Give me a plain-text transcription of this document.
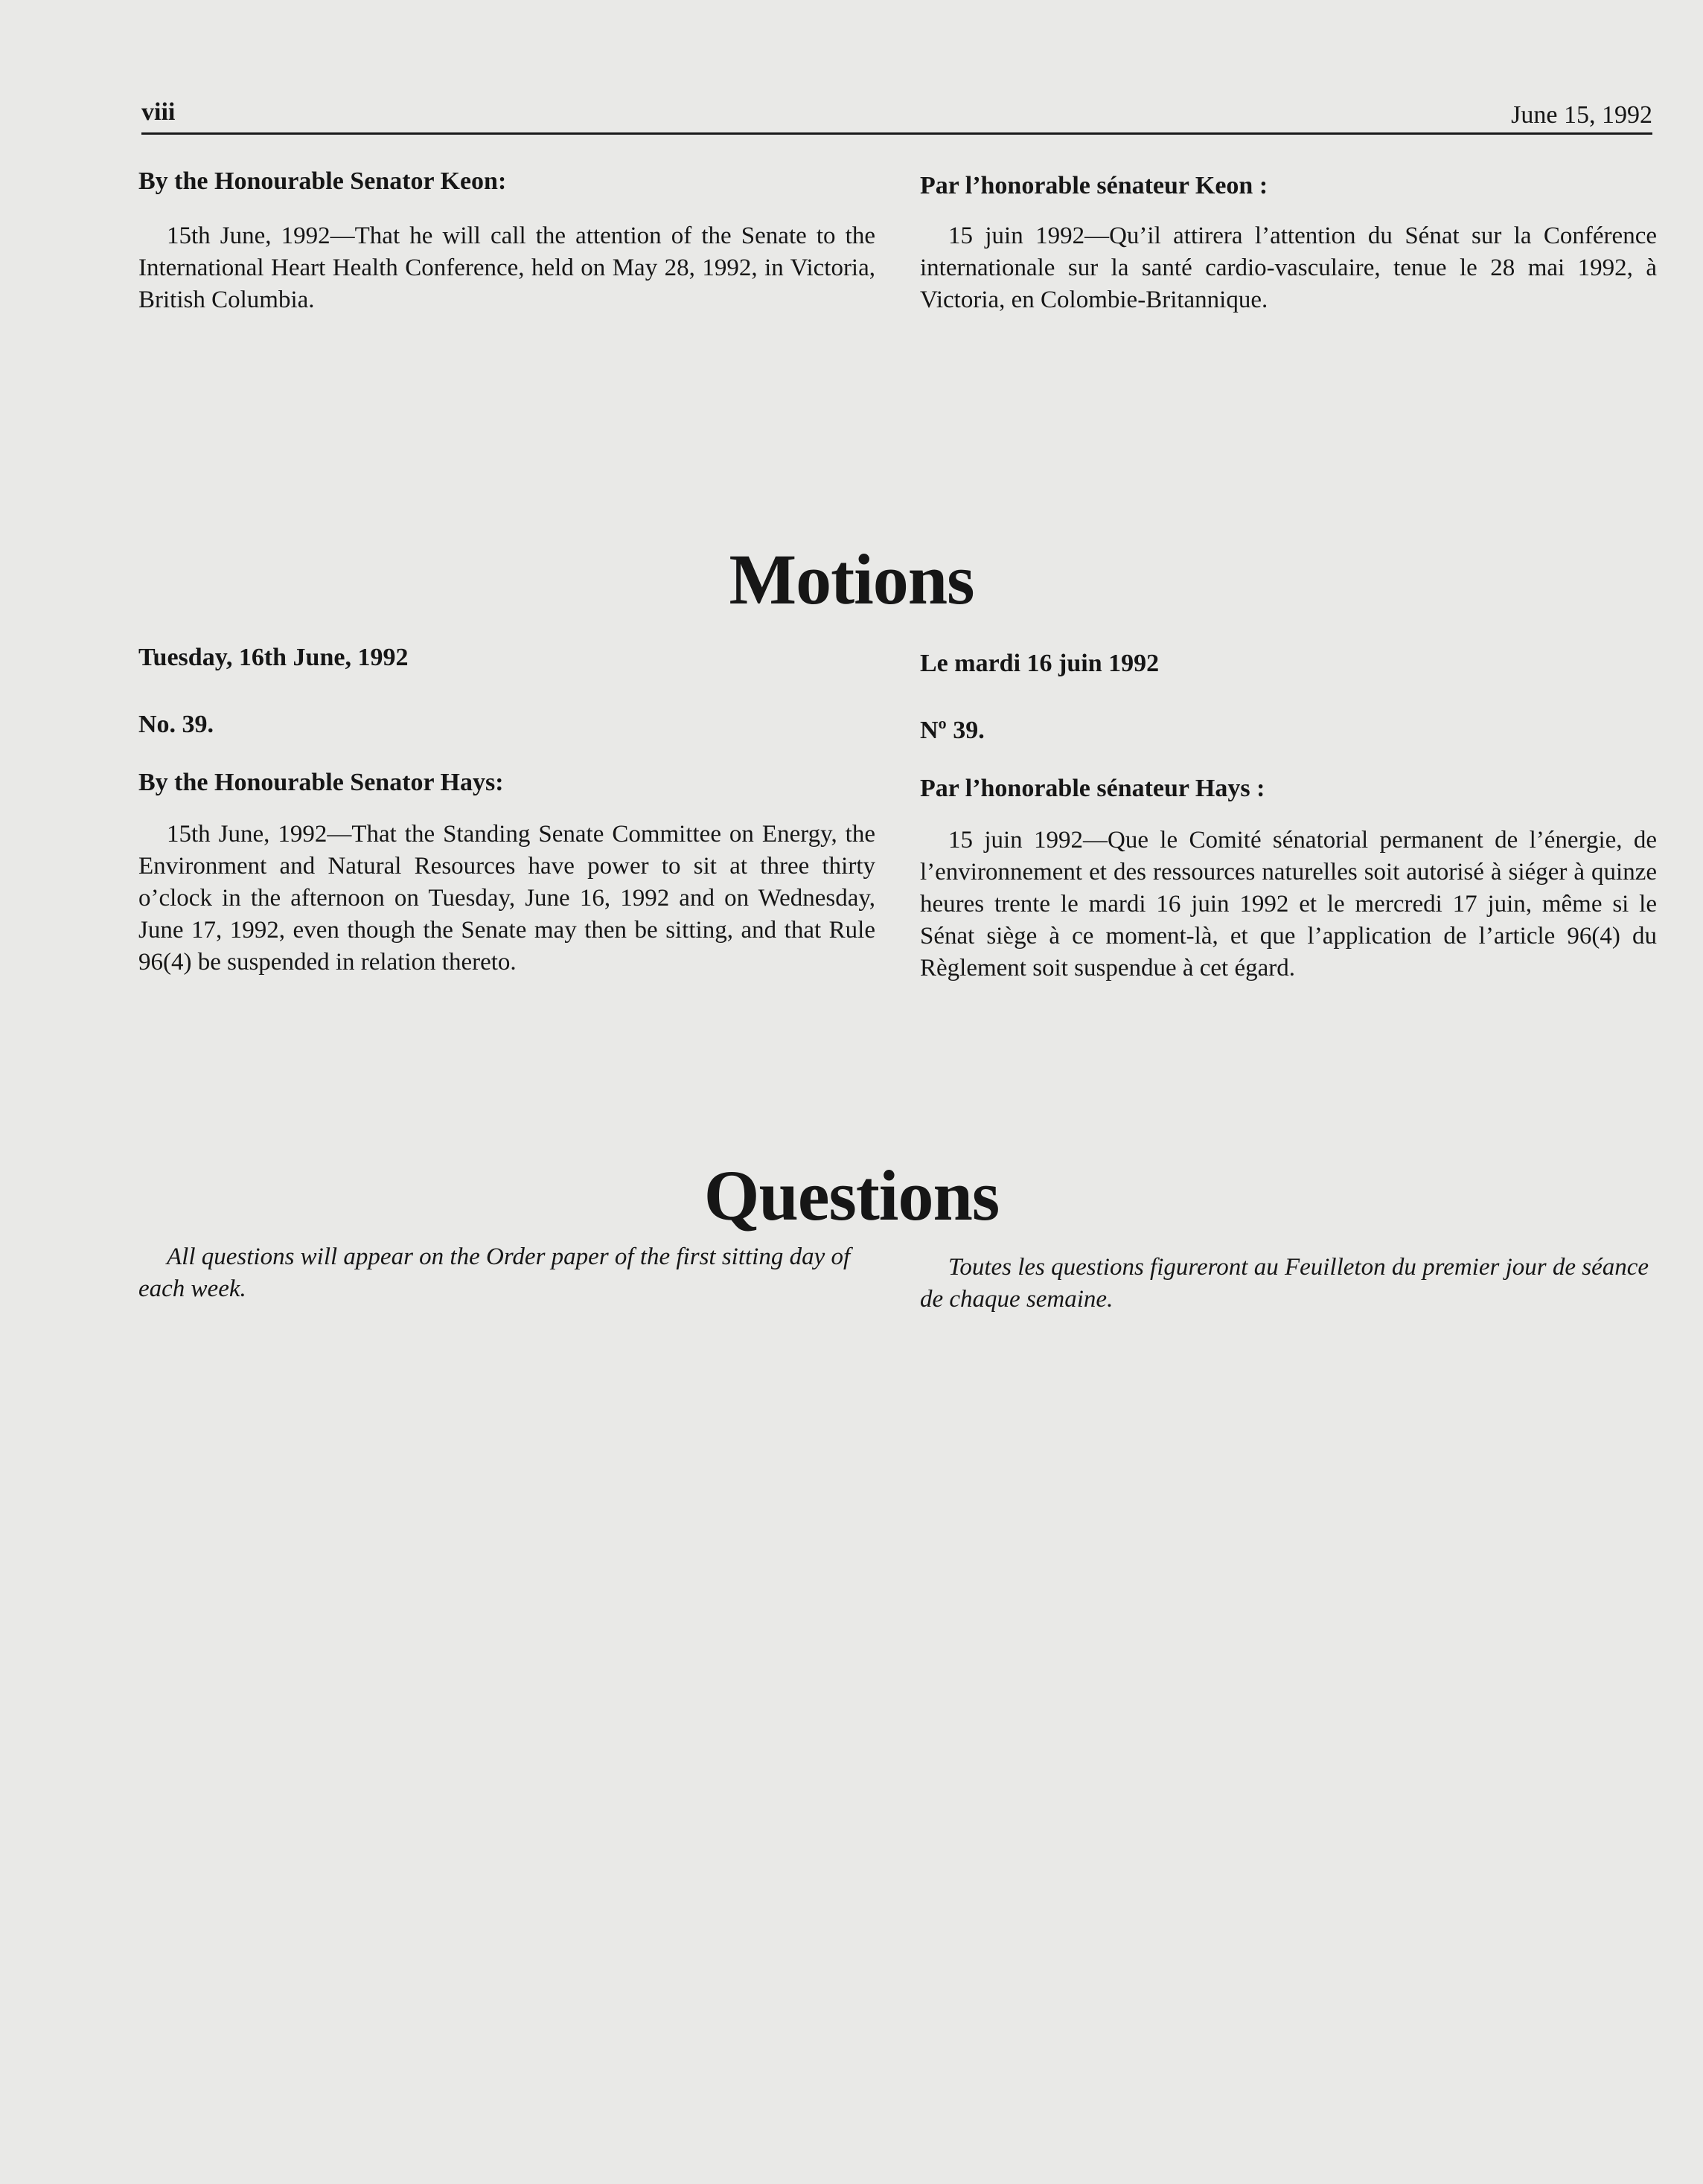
viii	June 15, 1992

By the Honourable Senator Keon:

15th June, 1992—That he will call the attention of the Senate to the International Heart Health Conference, held on May 28, 1992, in Victoria, British Columbia.

Par l’honorable sénateur Keon :

15 juin 1992—Qu’il attirera l’attention du Sénat sur la Conférence internationale sur la santé cardio-vasculaire, tenue le 28 mai 1992, à Victoria, en Colombie-Britannique.

Motions

Tuesday, 16th June, 1992

No. 39.

By the Honourable Senator Hays:

15th June, 1992—That the Standing Senate Committee on Energy, the Environment and Natural Resources have power to sit at three thirty o’clock in the afternoon on Tuesday, June 16, 1992 and on Wednesday, June 17, 1992, even though the Senate may then be sitting, and that Rule 96(4) be suspended in relation thereto.

Le mardi 16 juin 1992

Nº 39.

Par l’honorable sénateur Hays :

15 juin 1992—Que le Comité sénatorial permanent de l’énergie, de l’environnement et des ressources naturelles soit autorisé à siéger à quinze heures trente le mardi 16 juin 1992 et le mercredi 17 juin, même si le Sénat siège à ce moment-là, et que l’application de l’article 96(4) du Règlement soit suspendue à cet égard.

Questions

All questions will appear on the Order paper of the first sitting day of each week.

Toutes les questions figureront au Feuilleton du premier jour de séance de chaque semaine.
